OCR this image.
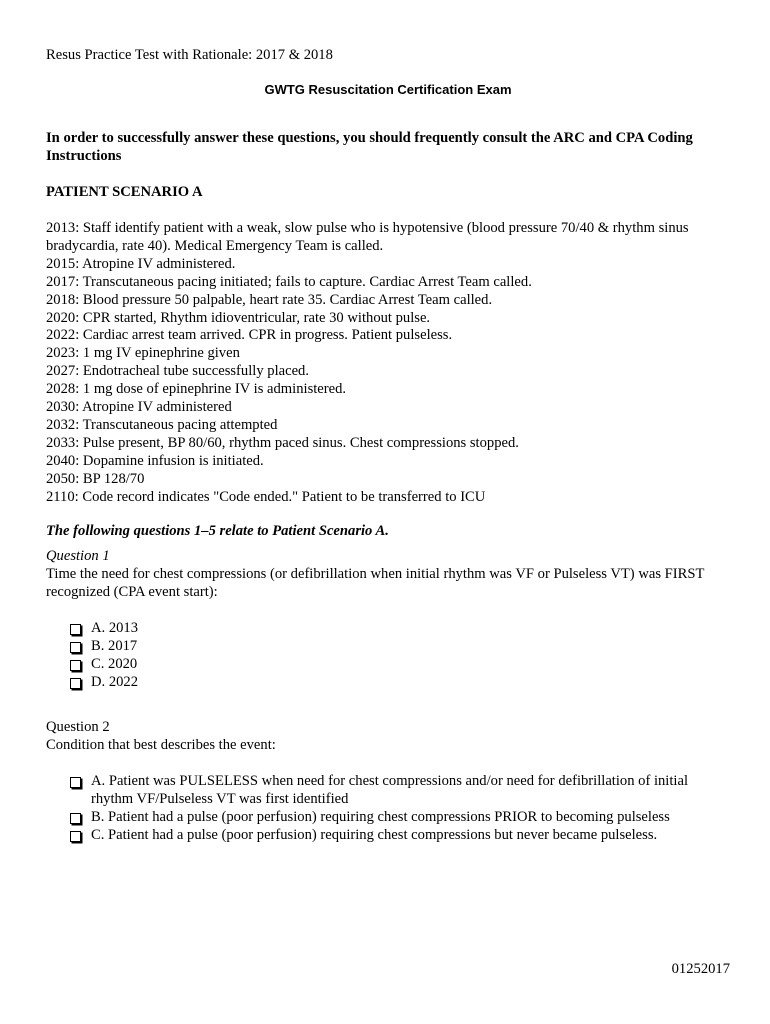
Resus Practice Test with Rationale: 2017 & 2018
GWTG Resuscitation Certification Exam
In order to successfully answer these questions, you should frequently consult the ARC and CPA Coding Instructions
PATIENT SCENARIO A
2013: Staff identify patient with a weak, slow pulse who is hypotensive (blood pressure 70/40 & rhythm sinus bradycardia, rate 40). Medical Emergency Team is called.
2015: Atropine IV administered.
2017: Transcutaneous pacing initiated; fails to capture. Cardiac Arrest Team called.
2018: Blood pressure 50 palpable, heart rate 35. Cardiac Arrest Team called.
2020: CPR started, Rhythm idioventricular, rate 30 without pulse.
2022: Cardiac arrest team arrived. CPR in progress. Patient pulseless.
2023: 1 mg IV epinephrine given
2027: Endotracheal tube successfully placed.
2028: 1 mg dose of epinephrine IV is administered.
2030: Atropine IV administered
2032: Transcutaneous pacing attempted
2033: Pulse present, BP 80/60, rhythm paced sinus. Chest compressions stopped.
2040: Dopamine infusion is initiated.
2050: BP 128/70
2110: Code record indicates "Code ended." Patient to be transferred to ICU
The following questions 1–5 relate to Patient Scenario A.
Question 1
Time the need for chest compressions (or defibrillation when initial rhythm was VF or Pulseless VT) was FIRST recognized (CPA event start):
A. 2013
B. 2017
C. 2020
D. 2022
Question 2
Condition that best describes the event:
A. Patient was PULSELESS when need for chest compressions and/or need for defibrillation of initial rhythm VF/Pulseless VT was first identified
B. Patient had a pulse (poor perfusion) requiring chest compressions PRIOR to becoming pulseless
C. Patient had a pulse (poor perfusion) requiring chest compressions but never became pulseless.
01252017
